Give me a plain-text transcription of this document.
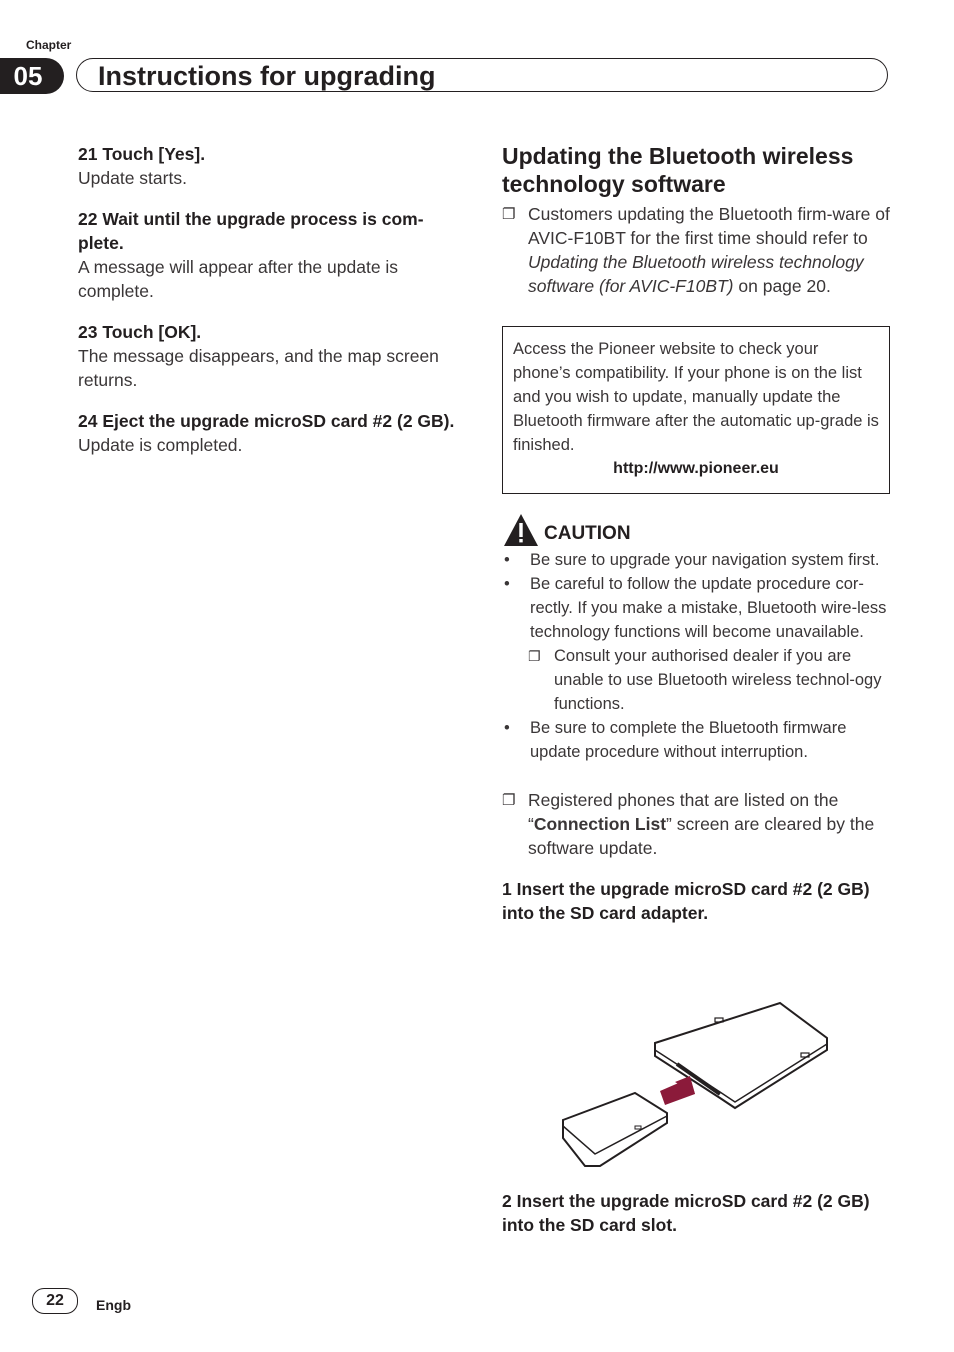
Chapter
05	Instructions for upgrading

21 Touch [Yes].

Update starts.

22 Wait until the upgrade process is com-plete.

A message will appear after the update is complete.

23 Touch [OK].

The message disappears, and the map screen returns.

24 Eject the upgrade microSD card #2 (2 GB).

Update is completed.

Updating the Bluetooth wireless technology software
❐ Customers updating the Bluetooth firm-ware of AVIC-F10BT for the first time should refer to Updating the Bluetooth wireless technology software (for AVIC-F10BT) on page 20.
Access the Pioneer website to check your phone’s compatibility. If your phone is on the list and you wish to update, manually update the Bluetooth firmware after the automatic up-grade is finished.
http://www.pioneer.eu
CAUTION
•	Be sure to upgrade your navigation system first.
•	Be careful to follow the update procedure cor-rectly. If you make a mistake, Bluetooth wire-less technology functions will become unavailable.
❐ Consult your authorised dealer if you are unable to use Bluetooth wireless technol-ogy functions.
•	Be sure to complete the Bluetooth firmware update procedure without interruption.
❐ Registered phones that are listed on the “Connection List” screen are cleared by the software update.

1 Insert the upgrade microSD card #2 (2 GB) into the SD card adapter.

2 Insert the upgrade microSD card #2 (2 GB) into the SD card slot.

22	Engb
